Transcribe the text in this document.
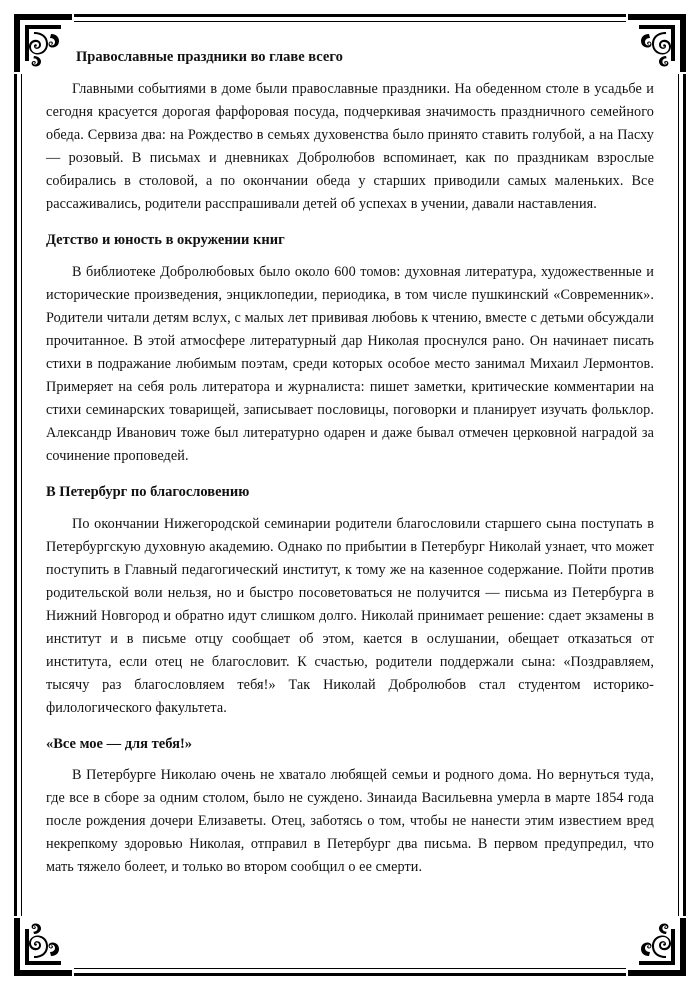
Православные праздники во главе всего

Главными событиями в доме были православные праздники. На обеденном столе в усадьбе и сегодня красуется дорогая фарфоровая посуда, подчеркивая значимость праздничного семейного обеда. Сервиза два: на Рождество в семьях духовенства было принято ставить голубой, а на Пасху — розовый. В письмах и дневниках Добролюбов вспоминает, как по праздникам взрослые собирались в столовой, а по окончании обеда у старших приводили самых маленьких. Все рассаживались, родители расспрашивали детей об успехах в учении, давали наставления.

Детство и юность в окружении книг

В библиотеке Добролюбовых было около 600 томов: духовная литература, художественные и исторические произведения, энциклопедии, периодика, в том числе пушкинский «Современник». Родители читали детям вслух, с малых лет прививая любовь к чтению, вместе с детьми обсуждали прочитанное. В этой атмосфере литературный дар Николая проснулся рано. Он начинает писать стихи в подражание любимым поэтам, среди которых особое место занимал Михаил Лермонтов. Примеряет на себя роль литератора и журналиста: пишет заметки, критические комментарии на стихи семинарских товарищей, записывает пословицы, поговорки и планирует изучать фольклор. Александр Иванович тоже был литературно одарен и даже бывал отмечен церковной наградой за сочинение проповедей.

В Петербург по благословению

По окончании Нижегородской семинарии родители благословили старшего сына поступать в Петербургскую духовную академию. Однако по прибытии в Петербург Николай узнает, что может поступить в Главный педагогический институт, к тому же на казенное содержание. Пойти против родительской воли нельзя, но и быстро посоветоваться не получится — письма из Петербурга в Нижний Новгород и обратно идут слишком долго. Николай принимает решение: сдает экзамены в институт и в письме отцу сообщает об этом, кается в ослушании, обещает отказаться от института, если отец не благословит. К счастью, родители поддержали сына: «Поздравляем, тысячу раз благословляем тебя!» Так Николай Добролюбов стал студентом историко-филологического факультета.

«Все мое — для тебя!»

В Петербурге Николаю очень не хватало любящей семьи и родного дома. Но вернуться туда, где все в сборе за одним столом, было не суждено. Зинаида Васильевна умерла в марте 1854 года после рождения дочери Елизаветы. Отец, заботясь о том, чтобы не нанести этим известием вред некрепкому здоровью Николая, отправил в Петербург два письма. В первом предупредил, что мать тяжело болеет, и только во втором сообщил о ее смерти.
